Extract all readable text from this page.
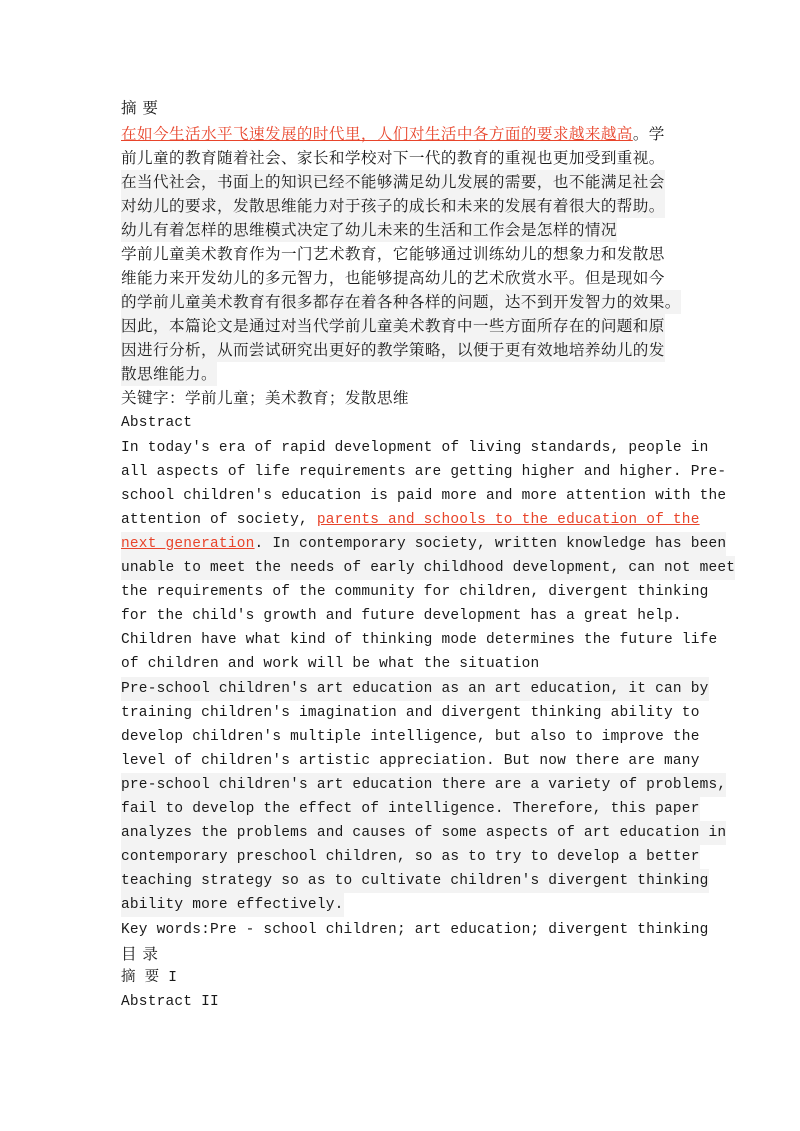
摘 要
在如今生活水平飞速发展的时代里，人们对生活中各方面的要求越来越高。学
前儿童的教育随着社会、家长和学校对下一代的教育的重视也更加受到重视。
在当代社会，书面上的知识已经不能够满足幼儿发展的需要，也不能满足社会
对幼儿的要求，发散思维能力对于孩子的成长和未来的发展有着很大的帮助。
幼儿有着怎样的思维模式决定了幼儿未来的生活和工作会是怎样的情况
学前儿童美术教育作为一门艺术教育，它能够通过训练幼儿的想象力和发散思
维能力来开发幼儿的多元智力，也能够提高幼儿的艺术欣赏水平。但是现如今
的学前儿童美术教育有很多都存在着各种各样的问题，达不到开发智力的效果。
因此，本篇论文是通过对当代学前儿童美术教育中一些方面所存在的问题和原
因进行分析，从而尝试研究出更好的教学策略，以便于更有效地培养幼儿的发
散思维能力。
关键字：学前儿童；美术教育；发散思维
Abstract
In today's era of rapid development of living standards, people in
all aspects of life requirements are getting higher and higher. Pre-
school children's education is paid more and more attention with the
attention of society, parents and schools to the education of the
next generation. In contemporary society, written knowledge has been
unable to meet the needs of early childhood development, can not meet
the requirements of the community for children, divergent thinking
for the child's growth and future development has a great help.
Children have what kind of thinking mode determines the future life
of children and work will be what the situation
Pre-school children's art education as an art education, it can by
training children's imagination and divergent thinking ability to
develop children's multiple intelligence, but also to improve the
level of children's artistic appreciation. But now there are many
pre-school children's art education there are a variety of problems,
fail to develop the effect of intelligence. Therefore, this paper
analyzes the problems and causes of some aspects of art education in
contemporary preschool children, so as to try to develop a better
teaching strategy so as to cultivate children's divergent thinking
ability more effectively.
Key words:Pre - school children; art education; divergent thinking
目 录
摘 要 I
Abstract II
